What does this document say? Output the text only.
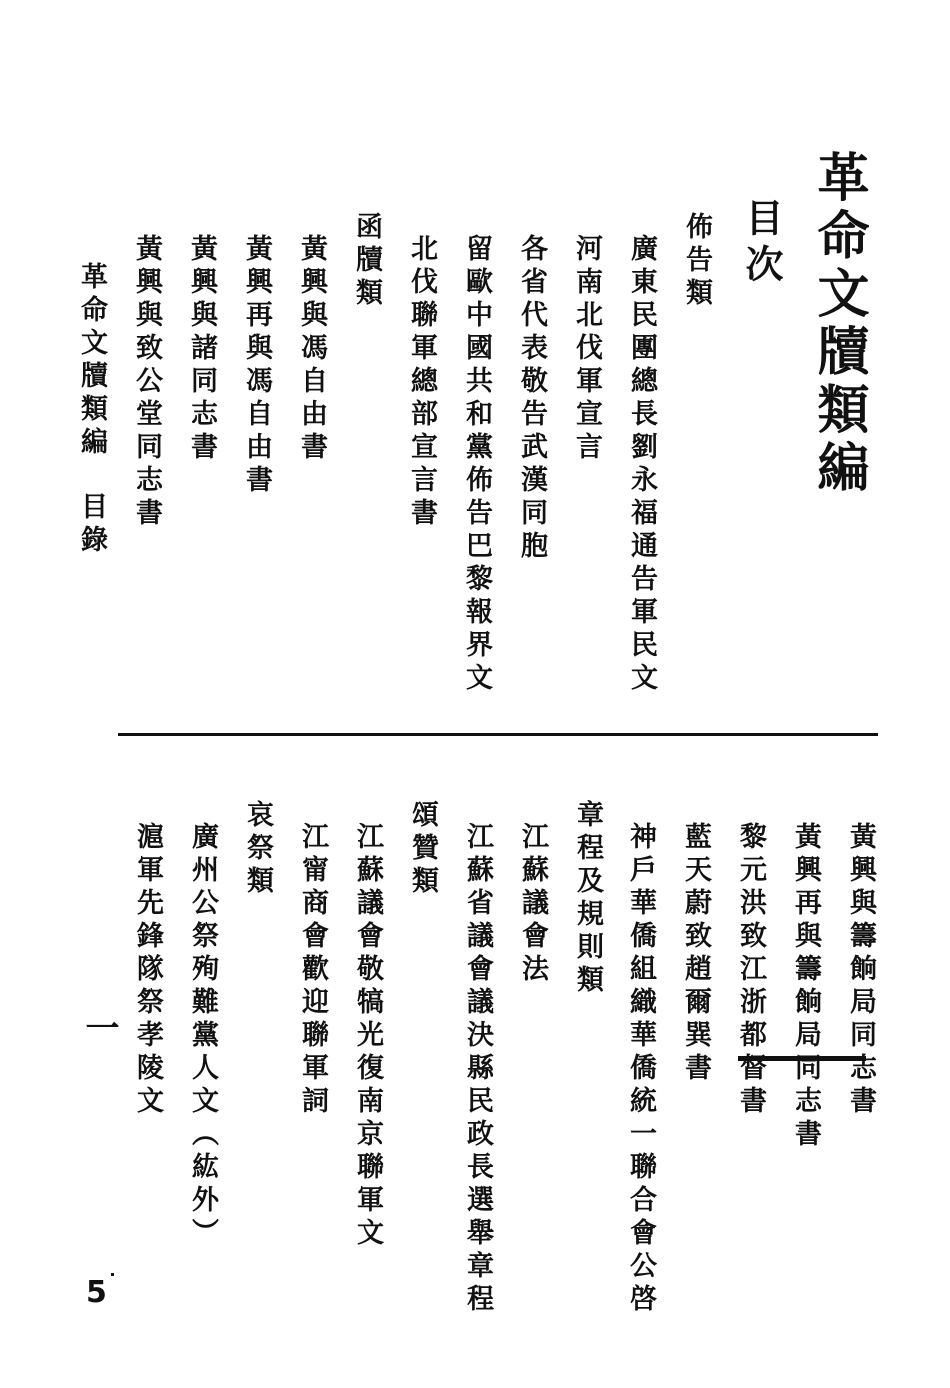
革命文牘類編
目次
佈告類
廣東民團總長劉永福通告軍民文
河南北伐軍宣言
各省代表敬告武漢同胞
留歐中國共和黨佈告巴黎報界文
北伐聯軍總部宣言書
函牘類
黃興與馮自由書
黃興再與馮自由書
黃興與諸同志書
黃興與致公堂同志書
革命文牘類編
目錄
黃興與籌餉局同志書
黃興再與籌餉局同志書
黎元洪致江浙都督書
藍天蔚致趙爾巽書
章程及規則類 神戶華僑組織華僑統一聯合會公啓
江蘇議會法
江蘇省議會議決縣民政長選舉章程
頌贊類
江蘇議會敬犒光復南京聯軍文
江甯商會歡迎聯軍詞
哀祭類
廣州公祭殉難黨人文（紘外）
滬軍先鋒隊祭孝陵文
一
5
